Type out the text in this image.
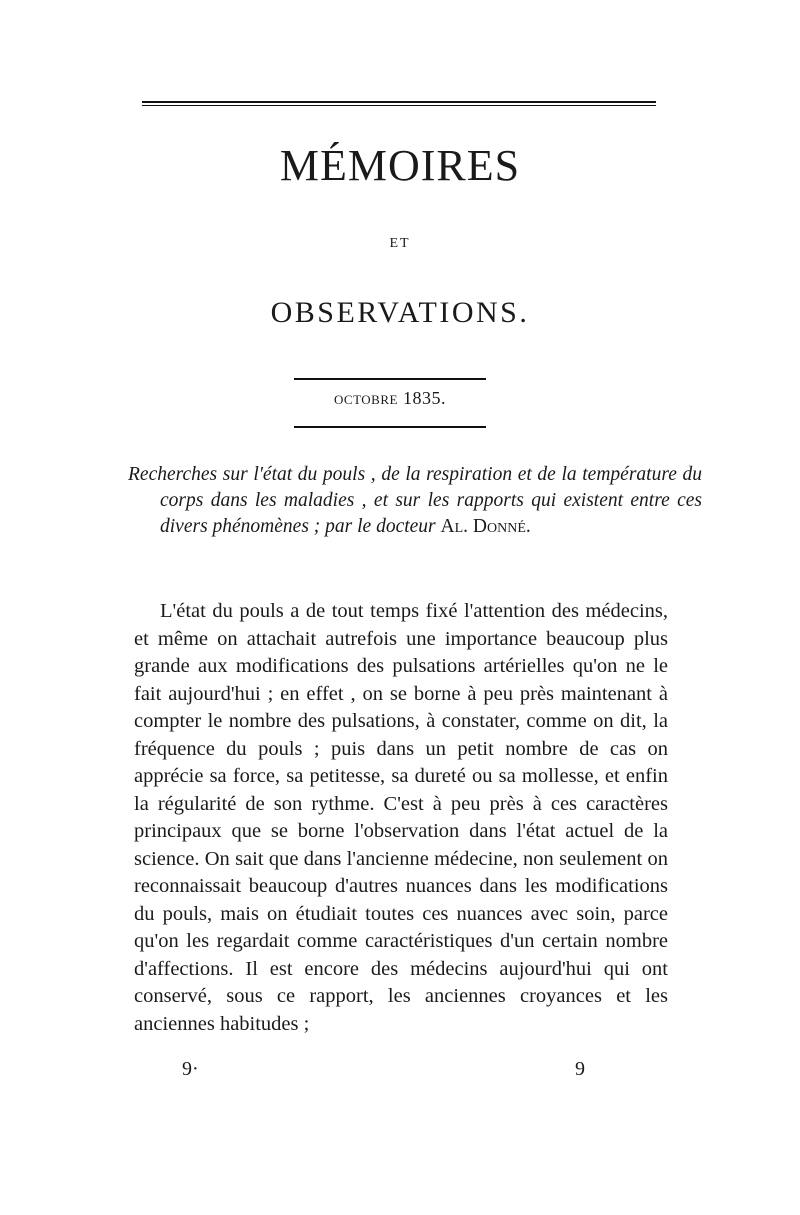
MÉMOIRES
ET
OBSERVATIONS.
octobre 1835.
Recherches sur l'état du pouls , de la respiration et de la température du corps dans les maladies , et sur les rapports qui existent entre ces divers phénomènes ; par le docteur Al. Donné.
L'état du pouls a de tout temps fixé l'attention des médecins, et même on attachait autrefois une importance beaucoup plus grande aux modifications des pulsations artérielles qu'on ne le fait aujourd'hui ; en effet , on se borne à peu près maintenant à compter le nombre des pulsations, à constater, comme on dit, la fréquence du pouls ; puis dans un petit nombre de cas on apprécie sa force, sa petitesse, sa dureté ou sa mollesse, et enfin la régularité de son rythme. C'est à peu près à ces caractères principaux que se borne l'observation dans l'état actuel de la science. On sait que dans l'ancienne médecine, non seulement on reconnaissait beaucoup d'autres nuances dans les modifications du pouls, mais on étudiait toutes ces nuances avec soin, parce qu'on les regardait comme caractéristiques d'un certain nombre d'affections. Il est encore des médecins aujourd'hui qui ont conservé, sous ce rapport, les anciennes croyances et les anciennes habitudes ;
9·	9
